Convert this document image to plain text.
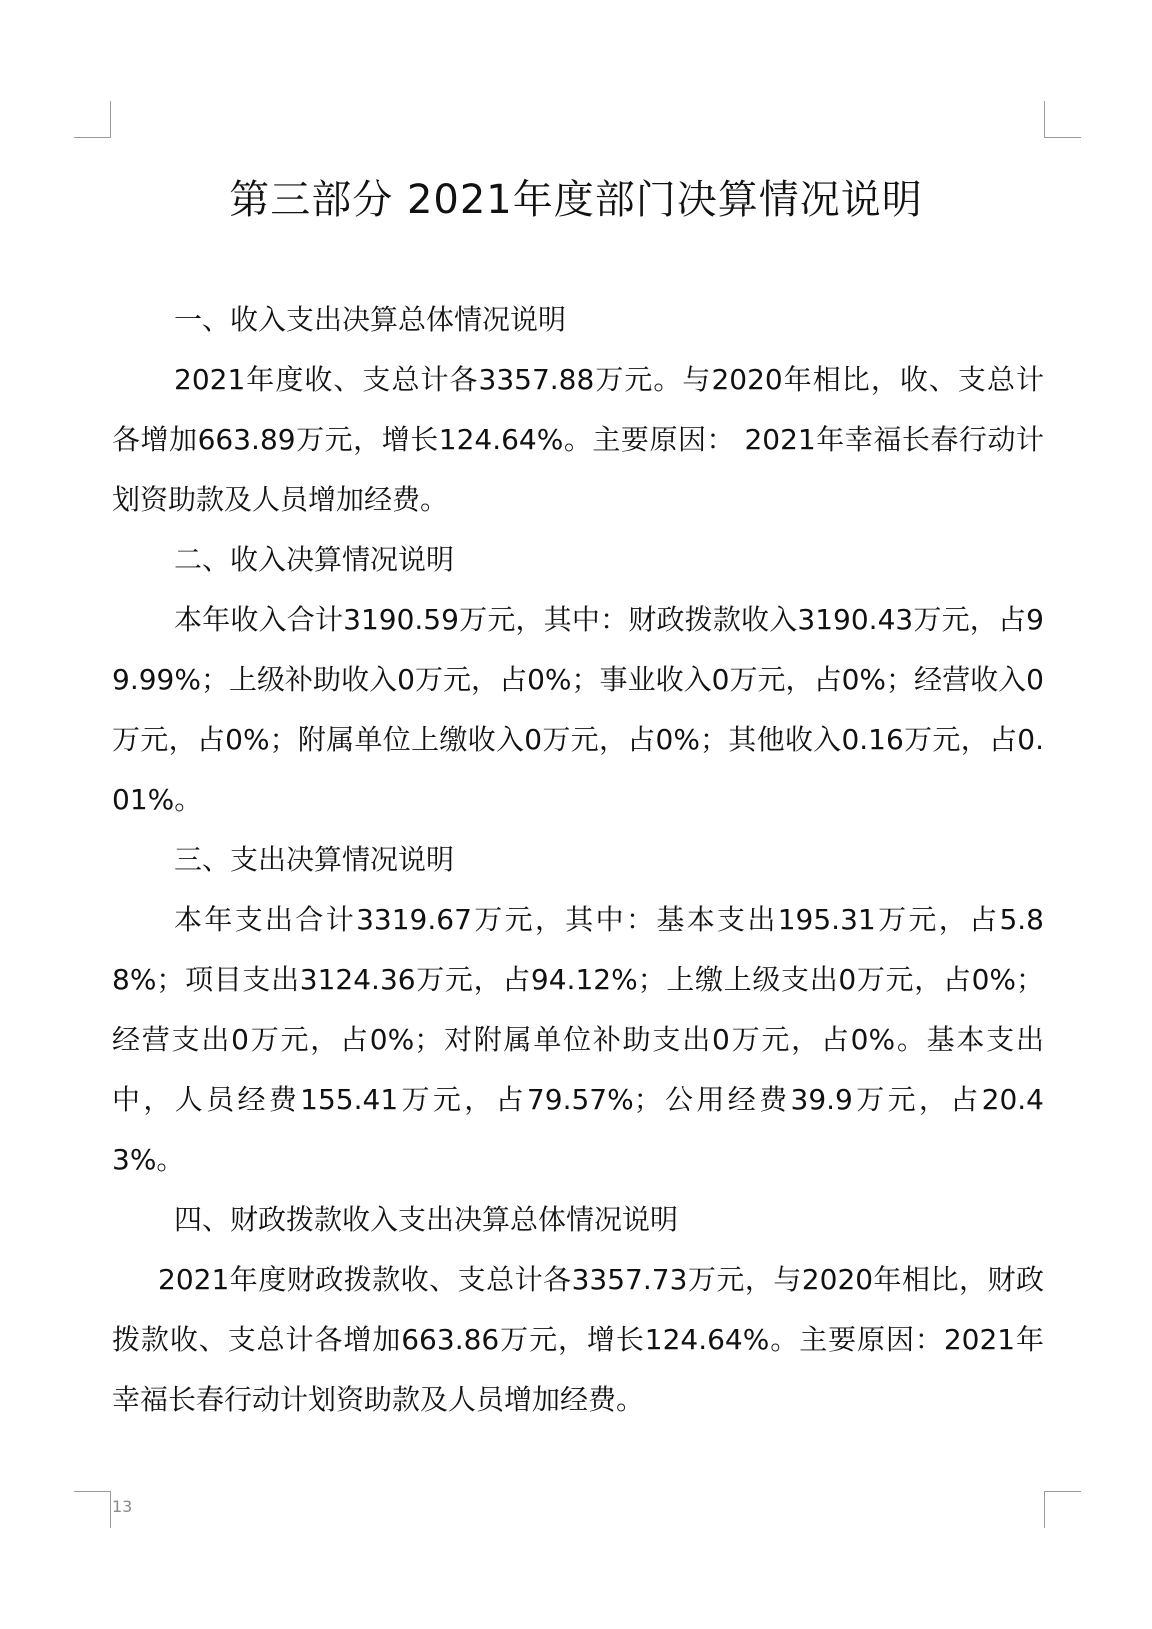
第三部分 2021年度部门决算情况说明

一、收入支出决算总体情况说明

2021年度收、支总计各3357.88万元。与2020年相比，收、支总计各增加663.89万元，增长124.64%。主要原因： 2021年幸福长春行动计划资助款及人员增加经费。

二、收入决算情况说明

本年收入合计3190.59万元，其中：财政拨款收入3190.43万元，占99.99%；上级补助收入0万元，占0%；事业收入0万元，占0%；经营收入0万元，占0%；附属单位上缴收入0万元，占0%；其他收入0.16万元，占0.01%。

三、支出决算情况说明

本年支出合计3319.67万元，其中：基本支出195.31万元，占5.88%；项目支出3124.36万元，占94.12%；上缴上级支出0万元，占0%；经营支出0万元，占0%；对附属单位补助支出0万元，占0%。基本支出中，人员经费155.41万元，占79.57%；公用经费39.9万元，占20.43%。

四、财政拨款收入支出决算总体情况说明

2021年度财政拨款收、支总计各3357.73万元，与2020年相比，财政拨款收、支总计各增加663.86万元，增长124.64%。主要原因：2021年幸福长春行动计划资助款及人员增加经费。

13
